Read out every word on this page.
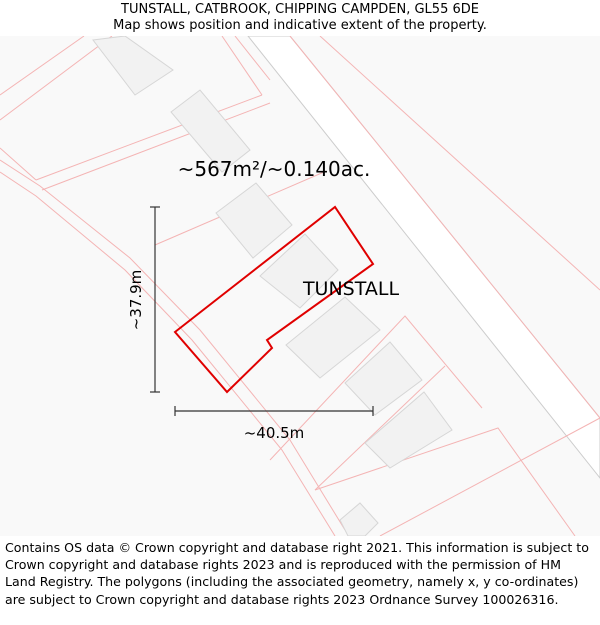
TUNSTALL, CATBROOK, CHIPPING CAMPDEN, GL55 6DE
Map shows position and indicative extent of the property.
~567m²/~0.140ac.
TUNSTALL
~37.9m
~40.5m
Contains OS data © Crown copyright and database right 2021. This information is subject to Crown copyright and database rights 2023 and is reproduced with the permission of HM Land Registry. The polygons (including the associated geometry, namely x, y co-ordinates) are subject to Crown copyright and database rights 2023 Ordnance Survey 100026316.
